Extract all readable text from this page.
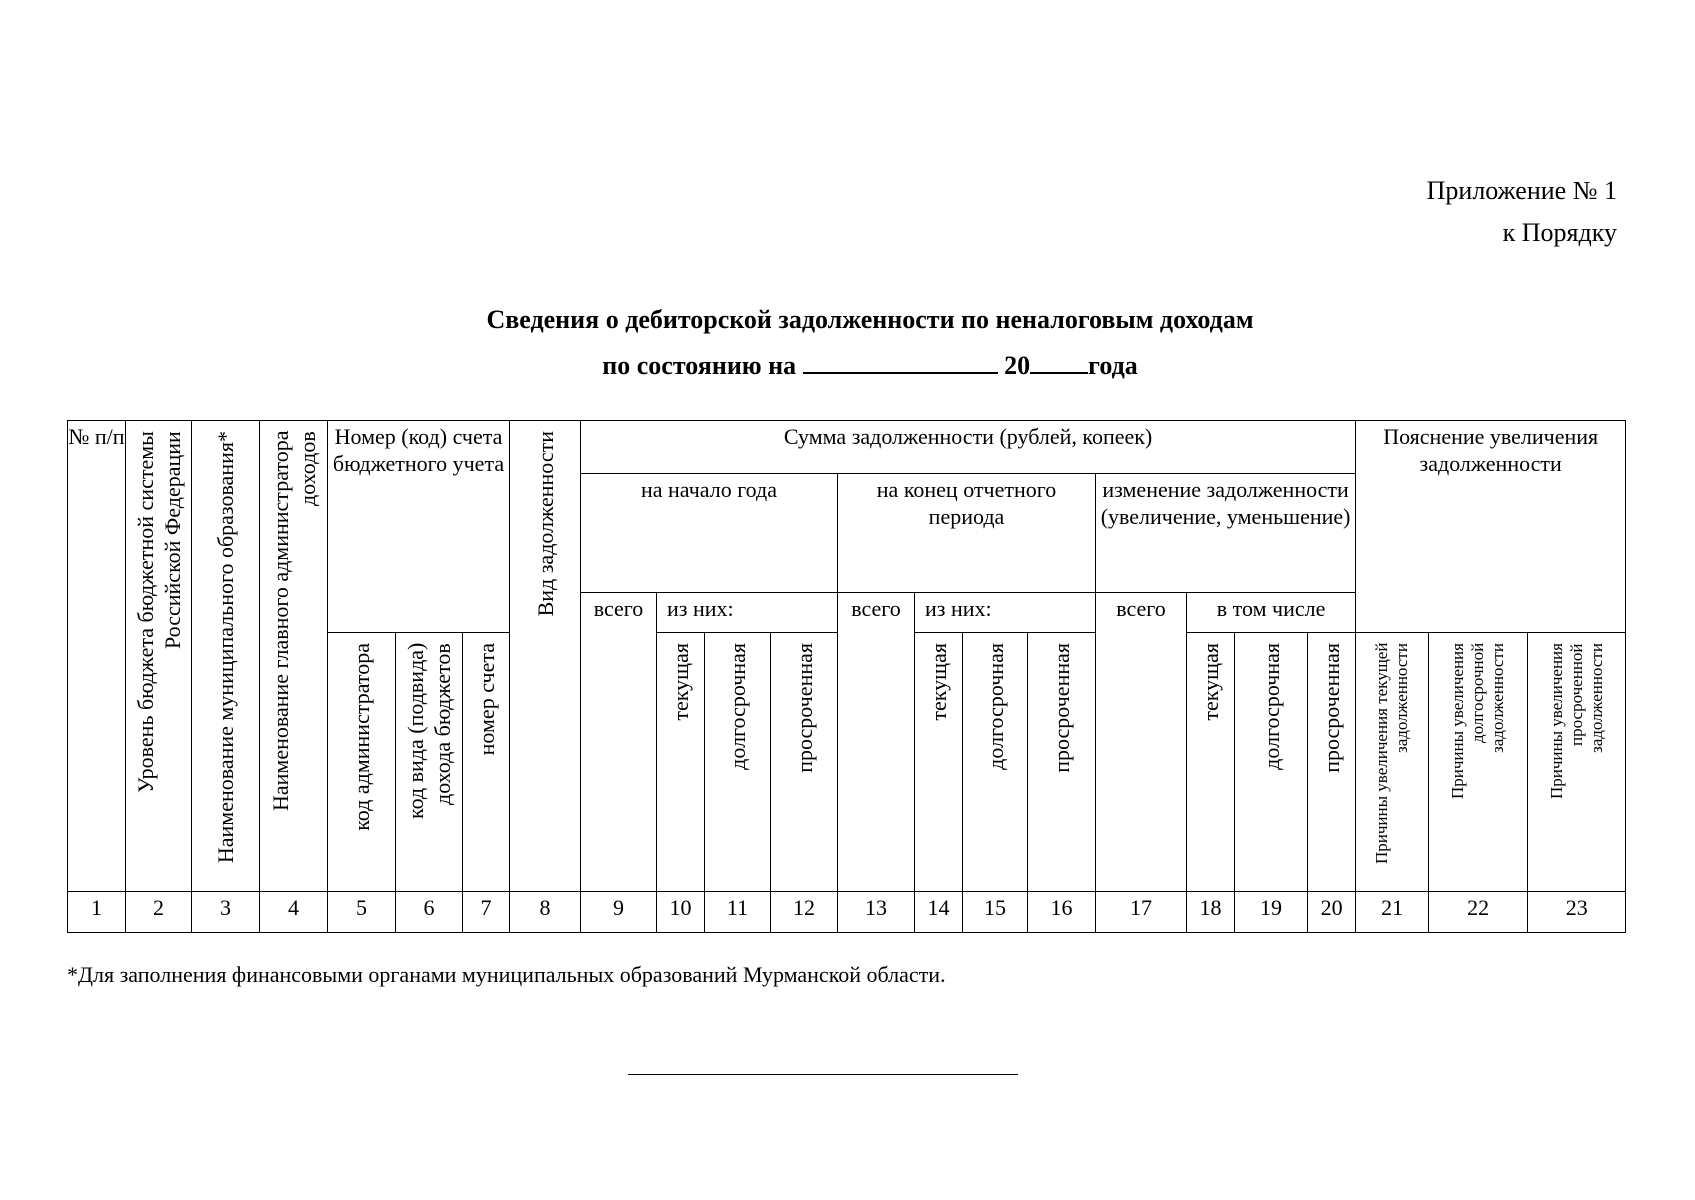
Приложение № 1
к Порядку
Сведения о дебиторской задолженности по неналоговым доходам
по состоянию на	20 года
№ п/п	Уровень бюджета бюджетной системы Российской Федерации	Наименование муниципального образования*	Наименование главного администратора доходов	Номер (код) счета бюджетного учета			Вид задолженности	Сумма задолженности (рублей, копеек)												Пояснение увеличения задолженности		
								на начало года				на конец отчетного периода				изменение задолженности (увеличение, уменьшение)						
								всего	из них:			всего	из них:			всего	в том числе					

				код администратора	код вида (подвида) дохода бюджетов	номер счета			текущая	долгосрочная	просроченная		текущая	долгосрочная	просроченная		текущая	долгосрочная	просроченная	Причины увеличения текущей задолженности	Причины увеличения долгосрочной задолженности	Причины увеличения просроченной задолженности

1	2	3	4	5	6	7	8	9	10	11	12	13	14	15	16	17	18	19	20	21	22	23
*Для заполнения финансовыми органами муниципальных образований Мурманской области.
